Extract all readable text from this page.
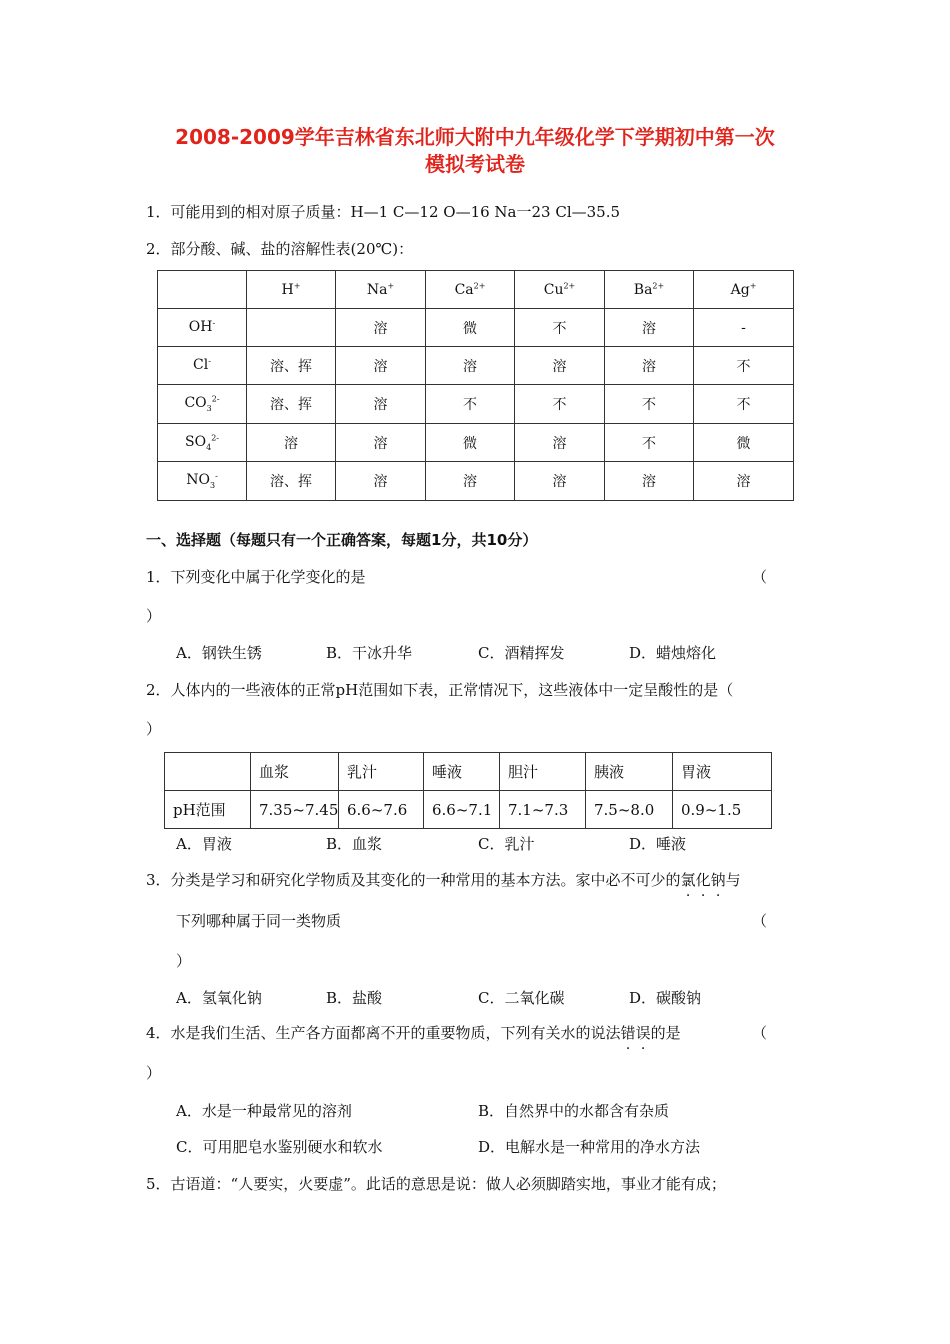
2008-2009学年吉林省东北师大附中九年级化学下学期初中第一次
模拟考试卷
1．可能用到的相对原子质量：H—1 C—12 O—16 Na一23 Cl—35.5
2．部分酸、碱、盐的溶解性表(20℃)：
	H+	Na+	$Ca^{2+}$	$Cu^{2+}$	$Ba^{2+}$	Ag+
OH-		溶	微	不	溶	-
Cl-	溶、挥	溶	溶	溶	溶	不
$CO_3^{2-}$	溶、挥	溶	不	不	不	不
$SO_4^{2-}$	溶	溶	微	溶	不	微
$NO_3^-$	溶、挥	溶	溶	溶	溶	溶
一、选择题（每题只有一个正确答案，每题1分，共10分）
1．下列变化中属于化学变化的是	（
）
A．钢铁生锈	B．干冰升华	C．酒精挥发	D．蜡烛熔化
2．人体内的一些液体的正常pH范围如下表，正常情况下，这些液体中一定呈酸性的是（
）
	血浆	乳汁	唾液	胆汁	胰液	胃液
pH范围	7.35~7.45	6.6~7.6	6.6~7.1	7.1~7.3	7.5~8.0	0.9~1.5
A．胃液	B．血浆	C．乳汁	D．唾液
3．分类是学习和研究化学物质及其变化的一种常用的基本方法。家中必不可少的氯化钠与
下列哪种属于同一类物质	（
）
A．氢氧化钠	B．盐酸	C．二氧化碳	D．碳酸钠
4．水是我们生活、生产各方面都离不开的重要物质，下列有关水的说法错误的是	（
）
A．水是一种最常见的溶剂	B．自然界中的水都含有杂质
C．可用肥皂水鉴别硬水和软水	D．电解水是一种常用的净水方法
5．古语道：“人要实，火要虚”。此话的意思是说：做人必须脚踏实地，事业才能有成；
